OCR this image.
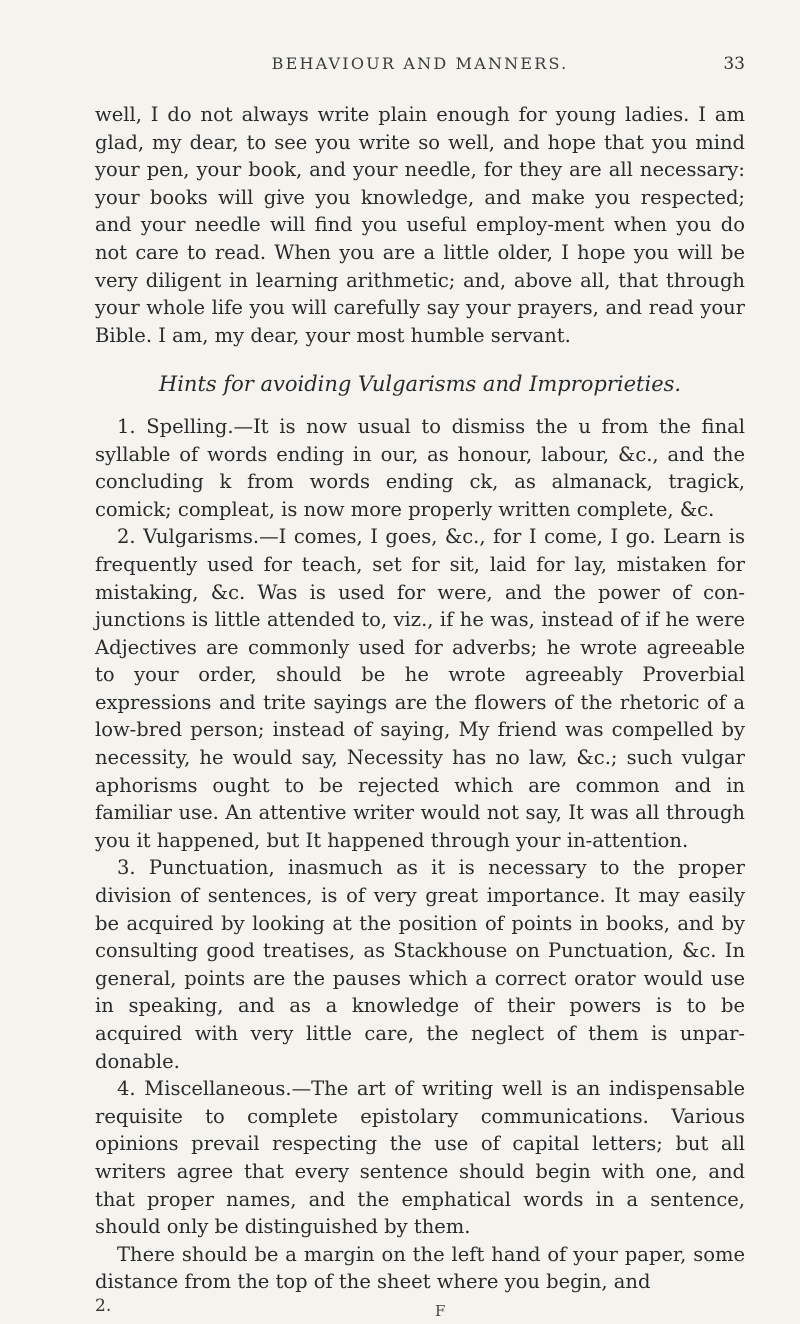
BEHAVIOUR AND MANNERS.	33

well, I do not always write plain enough for young ladies. I am glad, my dear, to see you write so well, and hope that you mind your pen, your book, and your needle, for they are all necessary: your books will give you knowledge, and make you respected; and your needle will find you useful employ-ment when you do not care to read. When you are a little older, I hope you will be very diligent in learning arithmetic; and, above all, that through your whole life you will carefully say your prayers, and read your Bible. I am, my dear, your most humble servant.

Hints for avoiding Vulgarisms and Improprieties.

1. Spelling.—It is now usual to dismiss the u from the final syllable of words ending in our, as honour, labour, &c., and the concluding k from words ending ck, as almanack, tragick, comick; compleat, is now more properly written complete, &c.

2. Vulgarisms.—I comes, I goes, &c., for I come, I go. Learn is frequently used for teach, set for sit, laid for lay, mistaken for mistaking, &c. Was is used for were, and the power of con-junctions is little attended to, viz., if he was, instead of if he were Adjectives are commonly used for adverbs; he wrote agreeable to your order, should be he wrote agreeably Proverbial expressions and trite sayings are the flowers of the rhetoric of a low-bred person; instead of saying, My friend was compelled by necessity, he would say, Necessity has no law, &c.; such vulgar aphorisms ought to be rejected which are common and in familiar use. An attentive writer would not say, It was all through you it happened, but It happened through your in-attention.

3. Punctuation, inasmuch as it is necessary to the proper division of sentences, is of very great importance. It may easily be acquired by looking at the position of points in books, and by consulting good treatises, as Stackhouse on Punctuation, &c. In general, points are the pauses which a correct orator would use in speaking, and as a knowledge of their powers is to be acquired with very little care, the neglect of them is unpar-donable.

4. Miscellaneous.—The art of writing well is an indispensable requisite to complete epistolary communications. Various opinions prevail respecting the use of capital letters; but all writers agree that every sentence should begin with one, and that proper names, and the emphatical words in a sentence, should only be distinguished by them.

There should be a margin on the left hand of your paper, some distance from the top of the sheet where you begin, and

2.	F
